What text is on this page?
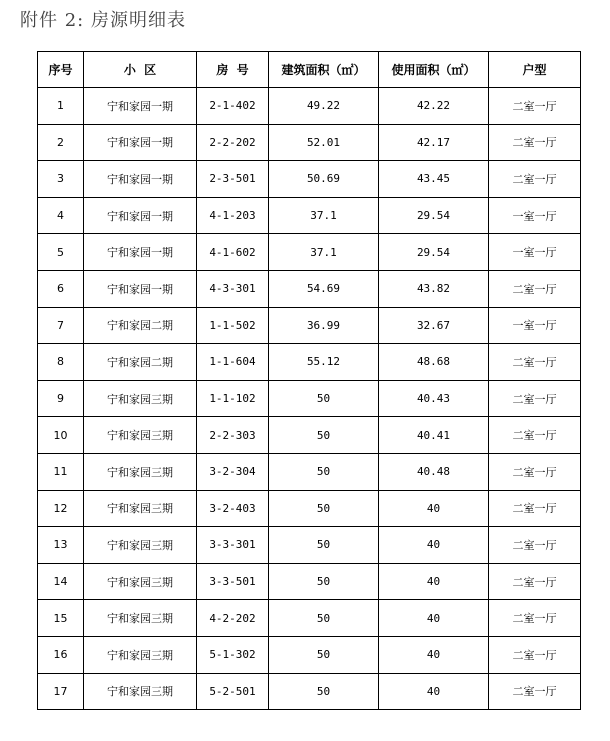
附件 2: 房源明细表
序号	小  区	房  号	建筑面积（㎡）	使用面积（㎡）	户型
1	宁和家园一期	2-1-402	49.22	42.22	二室一厅
2	宁和家园一期	2-2-202	52.01	42.17	二室一厅
3	宁和家园一期	2-3-501	50.69	43.45	二室一厅
4	宁和家园一期	4-1-203	37.1	29.54	一室一厅
5	宁和家园一期	4-1-602	37.1	29.54	一室一厅
6	宁和家园一期	4-3-301	54.69	43.82	二室一厅
7	宁和家园二期	1-1-502	36.99	32.67	一室一厅
8	宁和家园二期	1-1-604	55.12	48.68	二室一厅
9	宁和家园三期	1-1-102	50	40.43	二室一厅
10	宁和家园三期	2-2-303	50	40.41	二室一厅
11	宁和家园三期	3-2-304	50	40.48	二室一厅
12	宁和家园三期	3-2-403	50	40	二室一厅
13	宁和家园三期	3-3-301	50	40	二室一厅
14	宁和家园三期	3-3-501	50	40	二室一厅
15	宁和家园三期	4-2-202	50	40	二室一厅
16	宁和家园三期	5-1-302	50	40	二室一厅
17	宁和家园三期	5-2-501	50	40	二室一厅
